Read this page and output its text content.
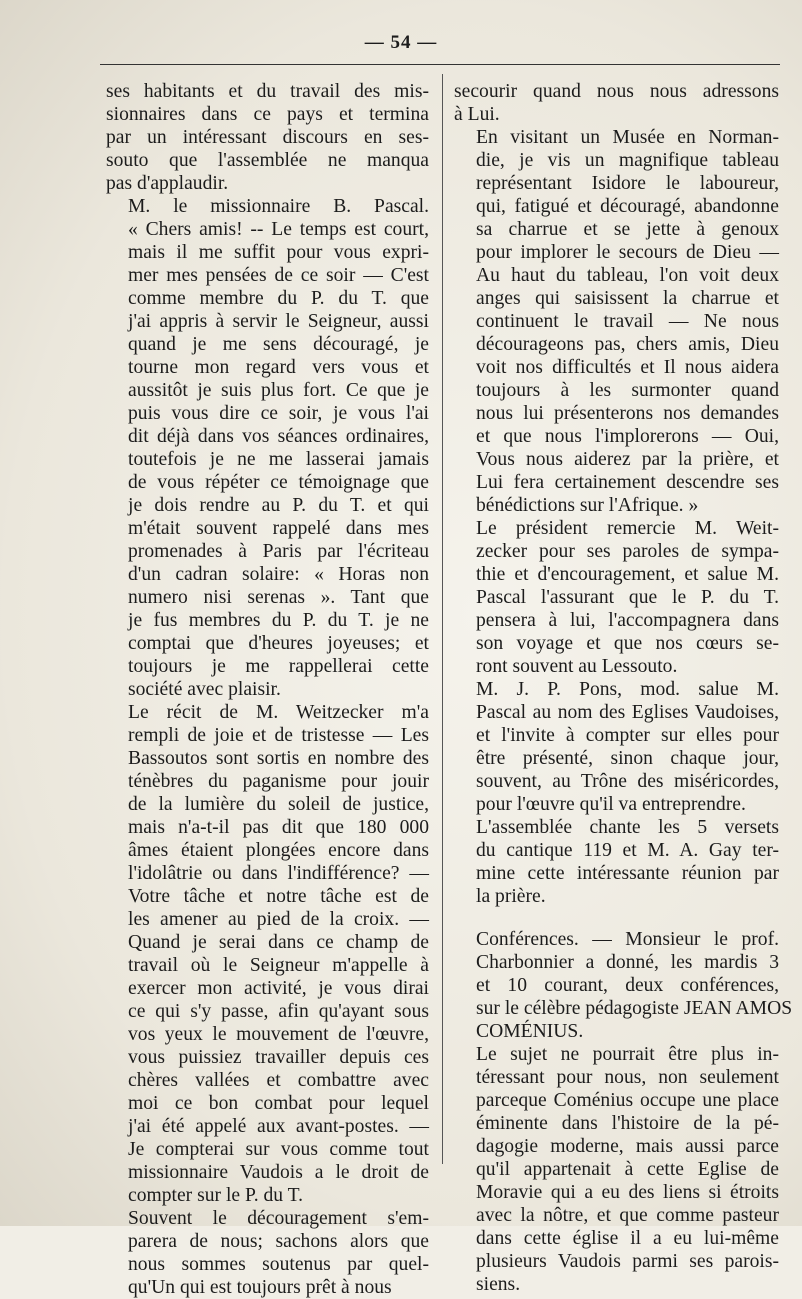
— 54 —

ses habitants et du travail des mis-
sionnaires dans ce pays et termina
par un intéressant discours en ses-
souto que l'assemblée ne manqua
pas d'applaudir.

M. le missionnaire B. Pascal.
« Chers amis! -- Le temps est court,
mais il me suffit pour vous expri-
mer mes pensées de ce soir — C'est
comme membre du P. du T. que
j'ai appris à servir le Seigneur, aussi
quand je me sens découragé, je
tourne mon regard vers vous et
aussitôt je suis plus fort. Ce que je
puis vous dire ce soir, je vous l'ai
dit déjà dans vos séances ordinaires,
toutefois je ne me lasserai jamais
de vous répéter ce témoignage que
je dois rendre au P. du T. et qui
m'était souvent rappelé dans mes
promenades à Paris par l'écriteau
d'un cadran solaire: « Horas non
numero nisi serenas ». Tant que
je fus membres du P. du T. je ne
comptai que d'heures joyeuses; et
toujours je me rappellerai cette
société avec plaisir.

Le récit de M. Weitzecker m'a
rempli de joie et de tristesse — Les
Bassoutos sont sortis en nombre des
ténèbres du paganisme pour jouir
de la lumière du soleil de justice,
mais n'a-t-il pas dit que 180 000
âmes étaient plongées encore dans
l'idolâtrie ou dans l'indifférence? —
Votre tâche et notre tâche est de
les amener au pied de la croix. —
Quand je serai dans ce champ de
travail où le Seigneur m'appelle à
exercer mon activité, je vous dirai
ce qui s'y passe, afin qu'ayant sous
vos yeux le mouvement de l'œuvre,
vous puissiez travailler depuis ces
chères vallées et combattre avec
moi ce bon combat pour lequel
j'ai été appelé aux avant-postes. —
Je compterai sur vous comme tout
missionnaire Vaudois a le droit de
compter sur le P. du T.

Souvent le découragement s'em-
parera de nous; sachons alors que
nous sommes soutenus par quel-
qu'Un qui est toujours prêt à nous

secourir quand nous nous adressons
à Lui.

En visitant un Musée en Norman-
die, je vis un magnifique tableau
représentant Isidore le laboureur,
qui, fatigué et découragé, abandonne
sa charrue et se jette à genoux
pour implorer le secours de Dieu —
Au haut du tableau, l'on voit deux
anges qui saisissent la charrue et
continuent le travail — Ne nous
décourageons pas, chers amis, Dieu
voit nos difficultés et Il nous aidera
toujours à les surmonter quand
nous lui présenterons nos demandes
et que nous l'implorerons — Oui,
Vous nous aiderez par la prière, et
Lui fera certainement descendre ses
bénédictions sur l'Afrique. »

Le président remercie M. Weit-
zecker pour ses paroles de sympa-
thie et d'encouragement, et salue M.
Pascal l'assurant que le P. du T.
pensera à lui, l'accompagnera dans
son voyage et que nos cœurs se-
ront souvent au Lessouto.

M. J. P. Pons, mod. salue M.
Pascal au nom des Eglises Vaudoises,
et l'invite à compter sur elles pour
être présenté, sinon chaque jour,
souvent, au Trône des miséricordes,
pour l'œuvre qu'il va entreprendre.

L'assemblée chante les 5 versets
du cantique 119 et M. A. Gay ter-
mine cette intéressante réunion par
la prière.

Conférences. — Monsieur le prof.
Charbonnier a donné, les mardis 3
et 10 courant, deux conférences,
sur le célèbre pédagogiste JEAN AMOS
COMÉNIUS.

Le sujet ne pourrait être plus in-
téressant pour nous, non seulement
parceque Coménius occupe une place
éminente dans l'histoire de la pé-
dagogie moderne, mais aussi parce
qu'il appartenait à cette Eglise de
Moravie qui a eu des liens si étroits
avec la nôtre, et que comme pasteur
dans cette église il a eu lui-même
plusieurs Vaudois parmi ses parois-
siens.
